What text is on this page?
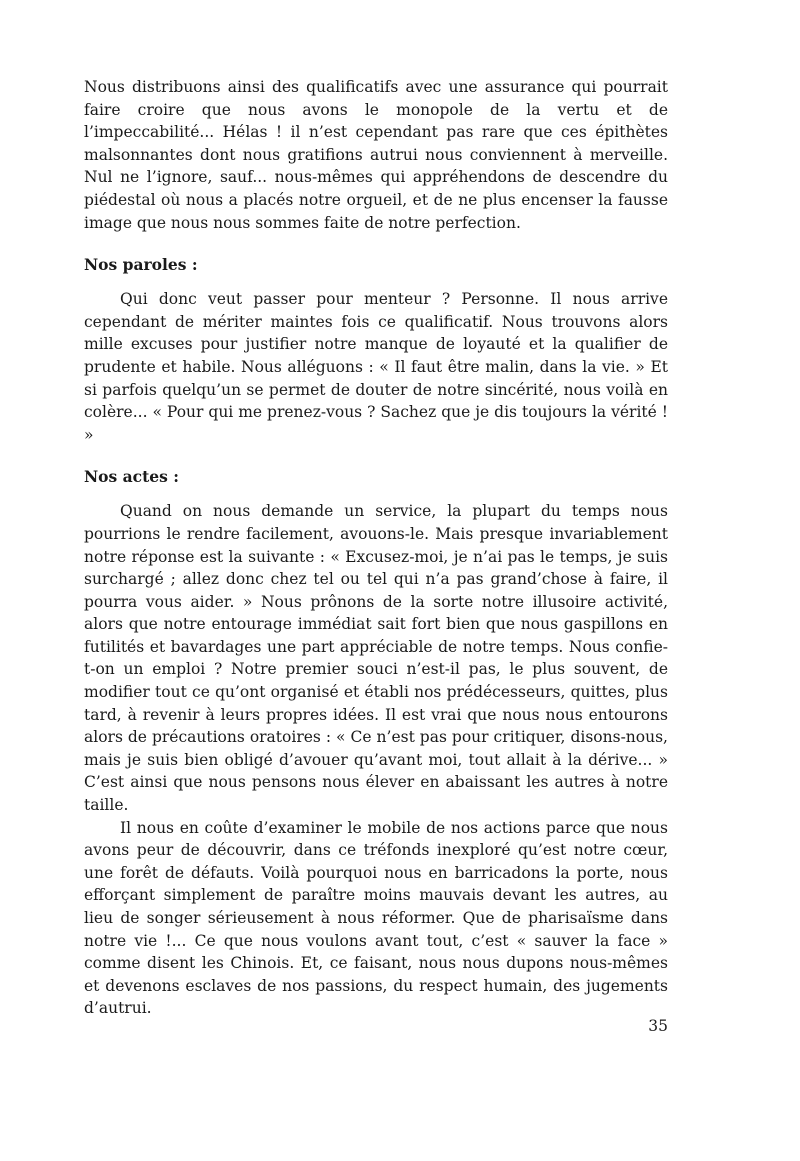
Nous distribuons ainsi des qualificatifs avec une assurance qui pourrait faire croire que nous avons le monopole de la vertu et de l’impeccabilité... Hélas ! il n’est cependant pas rare que ces épithètes malsonnantes dont nous gratifions autrui nous conviennent à merveille. Nul ne l’ignore, sauf... nous-mêmes qui appréhendons de descendre du piédestal où nous a placés notre orgueil, et de ne plus encenser la fausse image que nous nous sommes faite de notre perfection.

Nos paroles :

Qui donc veut passer pour menteur ? Personne. Il nous arrive cependant de mériter maintes fois ce qualificatif. Nous trouvons alors mille excuses pour justifier notre manque de loyauté et la qualifier de prudente et habile. Nous alléguons : « Il faut être malin, dans la vie. » Et si parfois quelqu’un se permet de douter de notre sincérité, nous voilà en colère... « Pour qui me prenez-vous ? Sachez que je dis toujours la vérité ! »

Nos actes :

Quand on nous demande un service, la plupart du temps nous pourrions le rendre facilement, avouons-le. Mais presque invariablement notre réponse est la suivante : « Excusez-moi, je n’ai pas le temps, je suis surchargé ; allez donc chez tel ou tel qui n’a pas grand’chose à faire, il pourra vous aider. » Nous prônons de la sorte notre illusoire activité, alors que notre entourage immédiat sait fort bien que nous gaspillons en futilités et bavardages une part appréciable de notre temps. Nous confie-t-on un emploi ? Notre premier souci n’est-il pas, le plus souvent, de modifier tout ce qu’ont organisé et établi nos prédécesseurs, quittes, plus tard, à revenir à leurs propres idées. Il est vrai que nous nous entourons alors de précautions oratoires : « Ce n’est pas pour critiquer, disons-nous, mais je suis bien obligé d’avouer qu’avant moi, tout allait à la dérive... » C’est ainsi que nous pensons nous élever en abaissant les autres à notre taille.

Il nous en coûte d’examiner le mobile de nos actions parce que nous avons peur de découvrir, dans ce tréfonds inexploré qu’est notre cœur, une forêt de défauts. Voilà pourquoi nous en barricadons la porte, nous efforçant simplement de paraître moins mauvais devant les autres, au lieu de songer sérieusement à nous réformer. Que de pharisaïsme dans notre vie !... Ce que nous voulons avant tout, c’est « sauver la face » comme disent les Chinois. Et, ce faisant, nous nous dupons nous-mêmes et devenons esclaves de nos passions, du respect humain, des jugements d’autrui.

35
